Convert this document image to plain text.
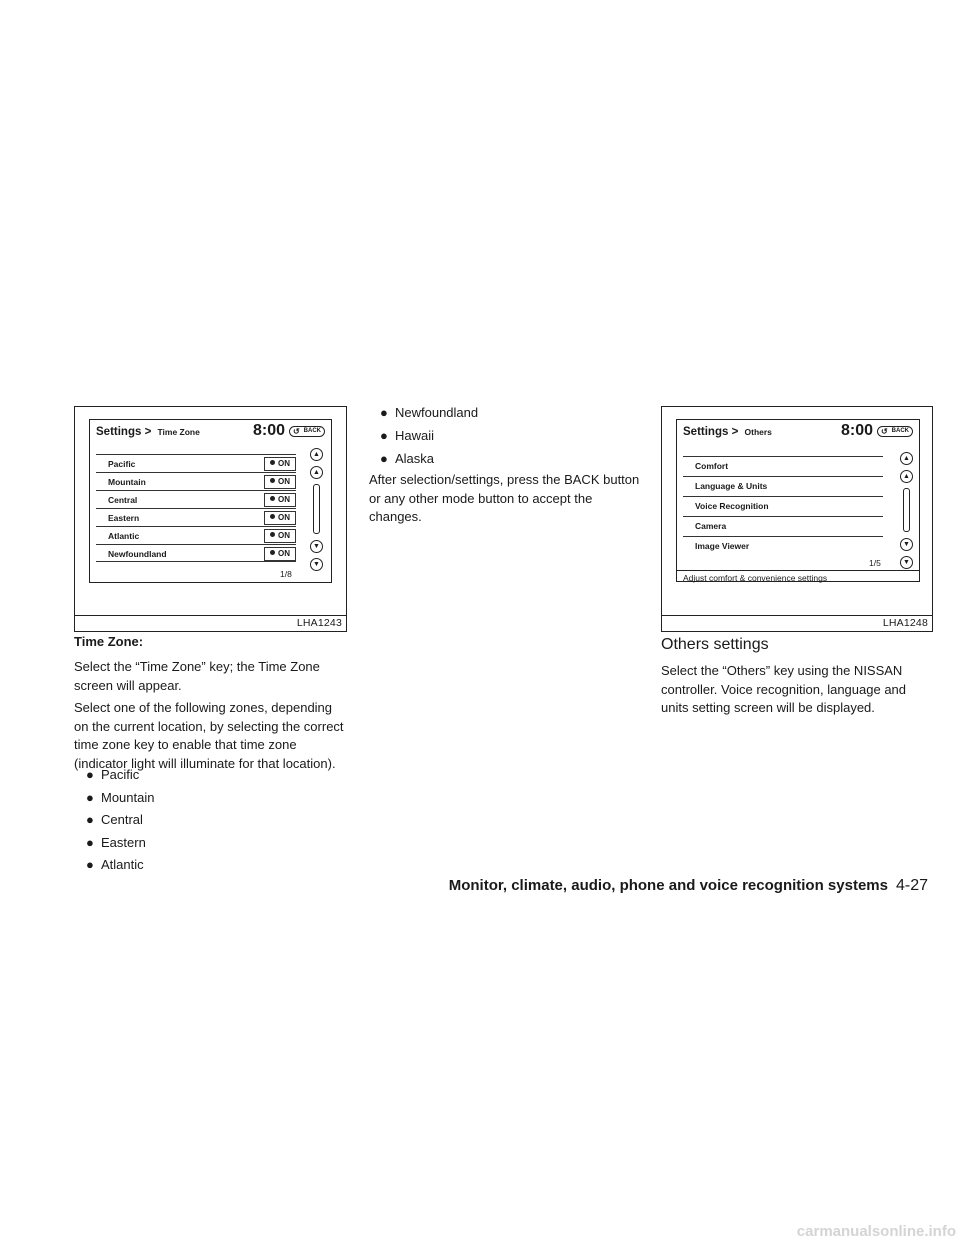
Settings > Time Zone	8:00 ↺ BACK
Pacific	ON
Mountain	ON
Central	ON
Eastern	ON
Atlantic	ON
Newfoundland	ON
▲
▲
▼
▼
1/8
LHA1243
Settings > Others	8:00 ↺ BACK
Comfort
Language & Units
Voice Recognition
Camera
Image Viewer
▲
▲
▼
▼
1/5
Adjust comfort & convenience settings
LHA1248
Time Zone:
Select the “Time Zone” key; the Time Zone screen will appear.
Select one of the following zones, depending on the current location, by selecting the correct time zone key to enable that time zone (indicator light will illuminate for that location).
● Pacific
● Mountain
● Central
● Eastern
● Atlantic
● Newfoundland
● Hawaii
● Alaska
After selection/settings, press the BACK button or any other mode button to accept the changes.
Others settings
Select the “Others” key using the NISSAN controller. Voice recognition, language and units setting screen will be displayed.
Monitor, climate, audio, phone and voice recognition systems 4-27
carmanualsonline.info
